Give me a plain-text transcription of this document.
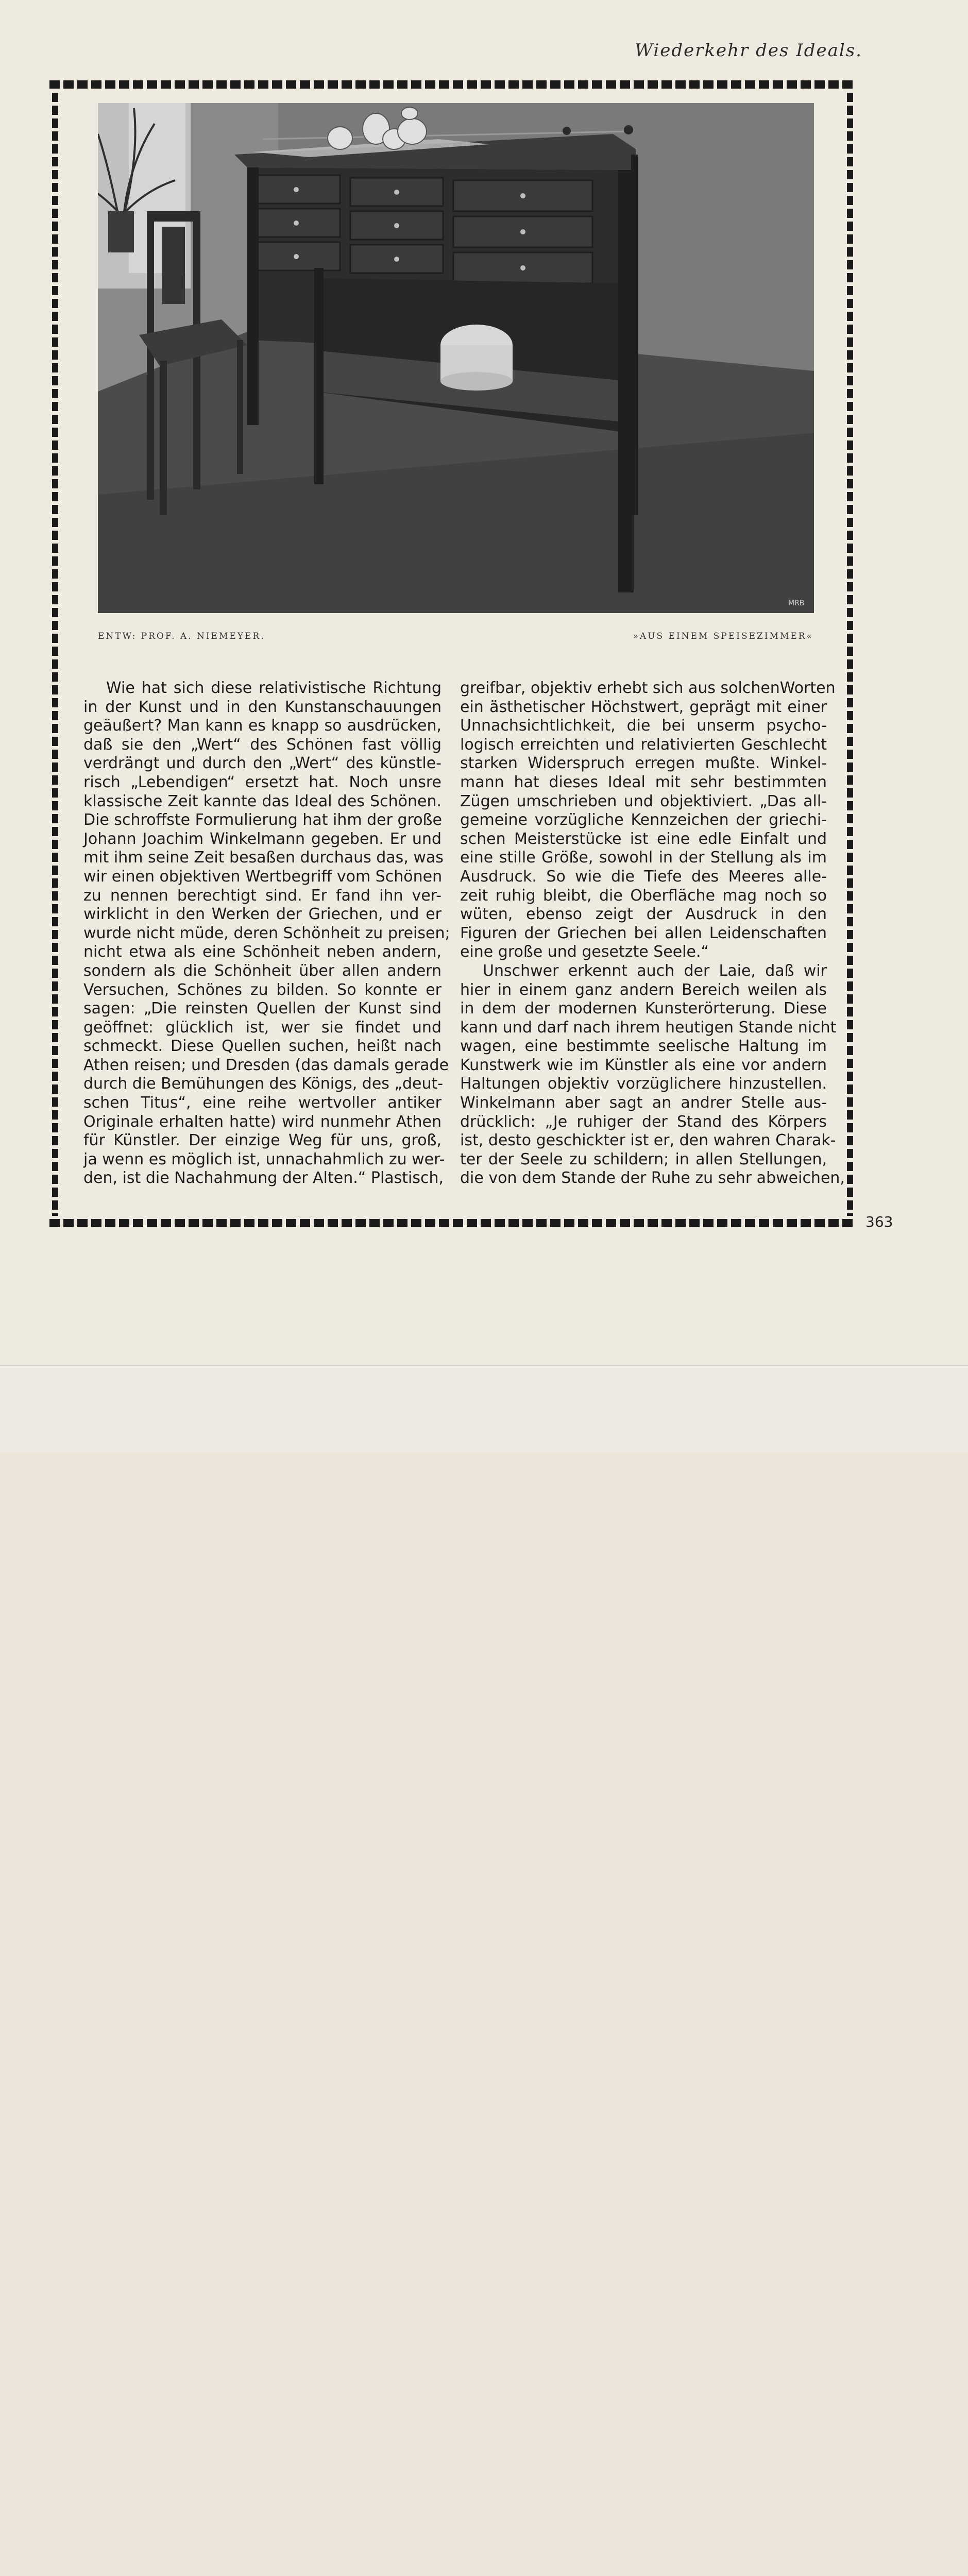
Wiederkehr des Ideals.
MRB
ENTW: PROF. A. NIEMEYER.	»AUS EINEM SPEISEZIMMER«
Wie hat sich diese relativistische Richtung
in der Kunst und in den Kunstanschauungen
geäußert? Man kann es knapp so ausdrücken,
daß sie den „Wert“ des Schönen fast völlig
verdrängt und durch den „Wert“ des künstle-
risch „Lebendigen“ ersetzt hat. Noch unsre
klassische Zeit kannte das Ideal des Schönen.
Die schroffste Formulierung hat ihm der große
Johann Joachim Winkelmann gegeben. Er und
mit ihm seine Zeit besaßen durchaus das, was
wir einen objektiven Wertbegriff vom Schönen
zu nennen berechtigt sind. Er fand ihn ver-
wirklicht in den Werken der Griechen, und er
wurde nicht müde, deren Schönheit zu preisen;
nicht etwa als eine Schönheit neben andern,
sondern als die Schönheit über allen andern
Versuchen, Schönes zu bilden. So konnte er
sagen: „Die reinsten Quellen der Kunst sind
geöffnet: glücklich ist, wer sie findet und
schmeckt. Diese Quellen suchen, heißt nach
Athen reisen; und Dresden (das damals gerade
durch die Bemühungen des Königs, des „deut-
schen Titus“, eine reihe wertvoller antiker
Originale erhalten hatte) wird nunmehr Athen
für Künstler. Der einzige Weg für uns, groß,
ja wenn es möglich ist, unnachahmlich zu wer-
den, ist die Nachahmung der Alten.“ Plastisch,
greifbar, objektiv erhebt sich aus solchenWorten
ein ästhetischer Höchstwert, geprägt mit einer
Unnachsichtlichkeit, die bei unserm psycho-
logisch erreichten und relativierten Geschlecht
starken Widerspruch erregen mußte. Winkel-
mann hat dieses Ideal mit sehr bestimmten
Zügen umschrieben und objektiviert. „Das all-
gemeine vorzügliche Kennzeichen der griechi-
schen Meisterstücke ist eine edle Einfalt und
eine stille Größe, sowohl in der Stellung als im
Ausdruck. So wie die Tiefe des Meeres alle-
zeit ruhig bleibt, die Oberfläche mag noch so
wüten, ebenso zeigt der Ausdruck in den
Figuren der Griechen bei allen Leidenschaften
eine große und gesetzte Seele.“
Unschwer erkennt auch der Laie, daß wir
hier in einem ganz andern Bereich weilen als
in dem der modernen Kunsterörterung. Diese
kann und darf nach ihrem heutigen Stande nicht
wagen, eine bestimmte seelische Haltung im
Kunstwerk wie im Künstler als eine vor andern
Haltungen objektiv vorzüglichere hinzustellen.
Winkelmann aber sagt an andrer Stelle aus-
drücklich: „Je ruhiger der Stand des Körpers
ist, desto geschickter ist er, den wahren Charak-
ter der Seele zu schildern; in allen Stellungen,
die von dem Stande der Ruhe zu sehr abweichen,
363
